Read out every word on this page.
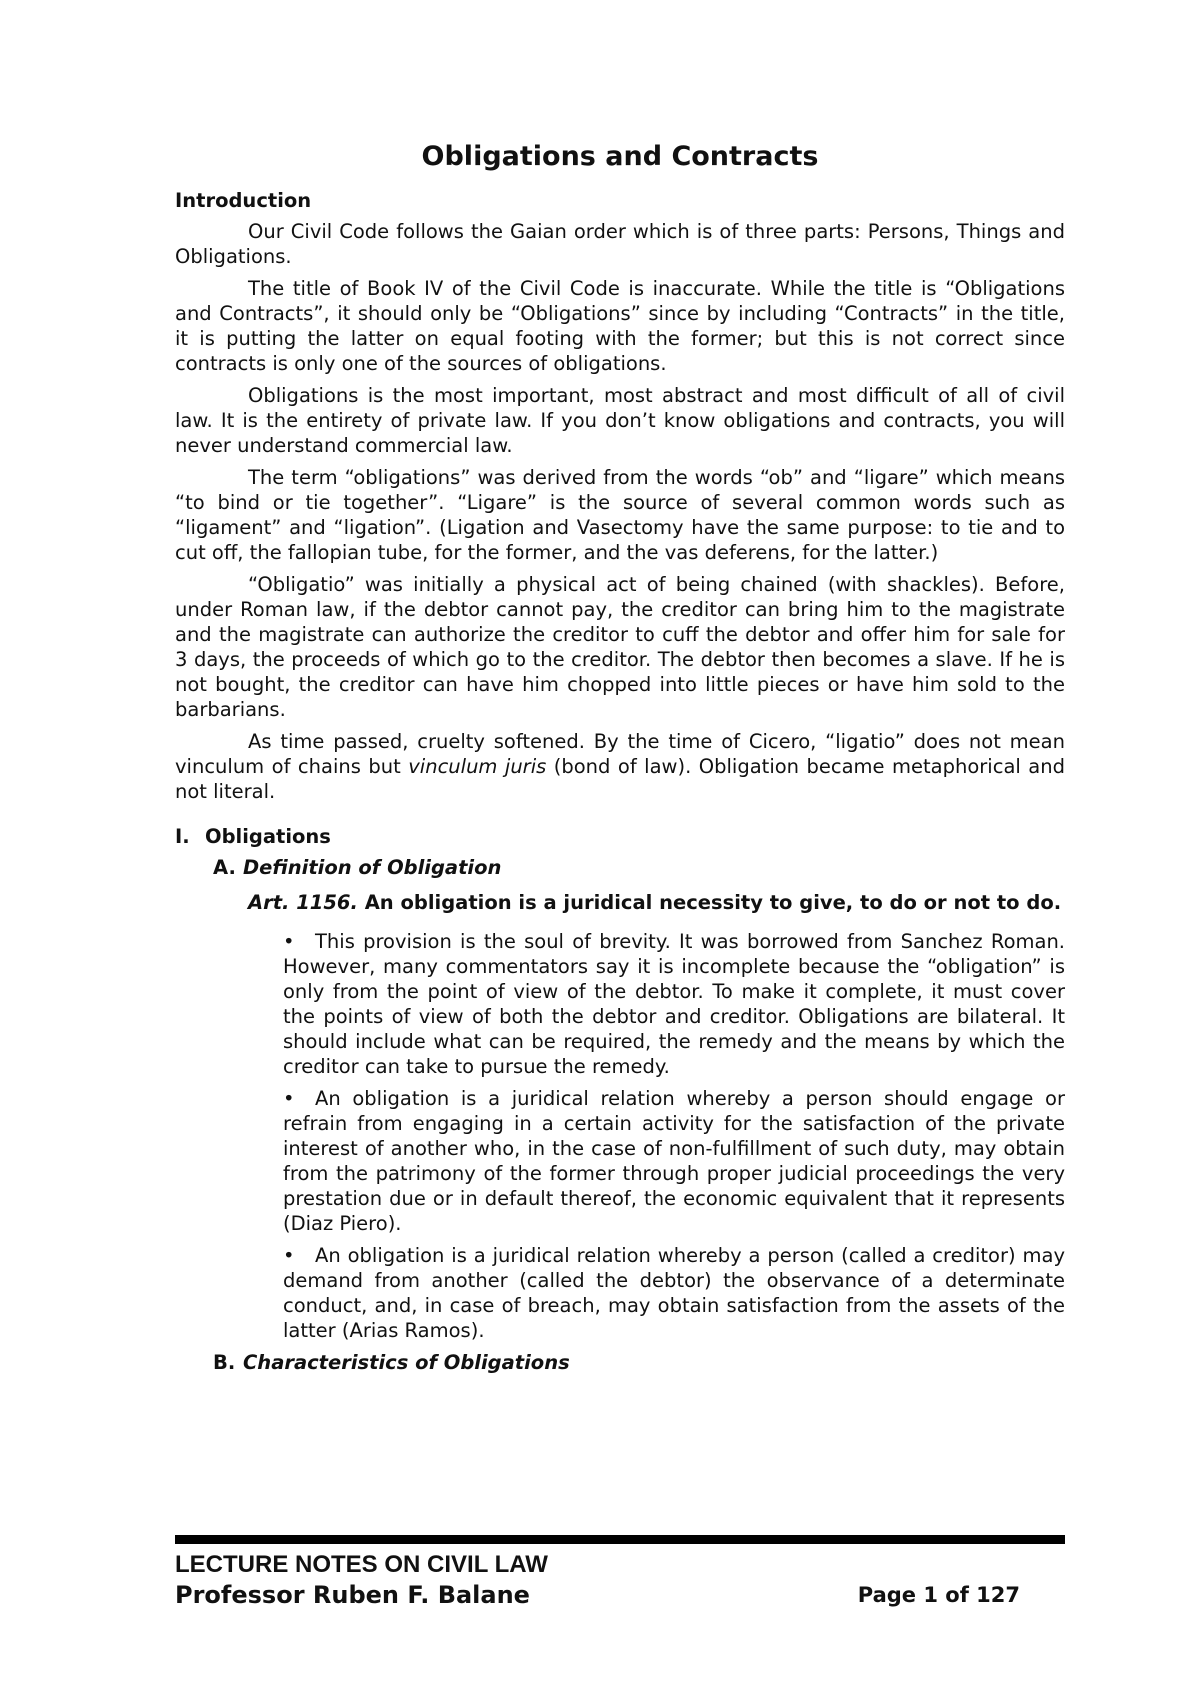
Obligations and Contracts
Introduction

Our Civil Code follows the Gaian order which is of three parts: Persons, Things and Obligations.

The title of Book IV of the Civil Code is inaccurate. While the title is “Obligations and Contracts”, it should only be “Obligations” since by including “Contracts” in the title, it is putting the latter on equal footing with the former; but this is not correct since contracts is only one of the sources of obligations.

Obligations is the most important, most abstract and most difficult of all of civil law. It is the entirety of private law. If you don’t know obligations and contracts, you will never understand commercial law.

The term “obligations” was derived from the words “ob” and “ligare” which means “to bind or tie together”. “Ligare” is the source of several common words such as “ligament” and “ligation”. (Ligation and Vasectomy have the same purpose: to tie and to cut off, the fallopian tube, for the former, and the vas deferens, for the latter.)

“Obligatio” was initially a physical act of being chained (with shackles). Before, under Roman law, if the debtor cannot pay, the creditor can bring him to the magistrate and the magistrate can authorize the creditor to cuff the debtor and offer him for sale for 3 days, the proceeds of which go to the creditor. The debtor then becomes a slave. If he is not bought, the creditor can have him chopped into little pieces or have him sold to the barbarians.

As time passed, cruelty softened. By the time of Cicero, “ligatio” does not mean vinculum of chains but vinculum juris (bond of law). Obligation became metaphorical and not literal.

I. Obligations
A. Definition of Obligation

Art. 1156. An obligation is a juridical necessity to give, to do or not to do.

• This provision is the soul of brevity. It was borrowed from Sanchez Roman. However, many commentators say it is incomplete because the “obligation” is only from the point of view of the debtor. To make it complete, it must cover the points of view of both the debtor and creditor. Obligations are bilateral. It should include what can be required, the remedy and the means by which the creditor can take to pursue the remedy.
• An obligation is a juridical relation whereby a person should engage or refrain from engaging in a certain activity for the satisfaction of the private interest of another who, in the case of non-fulfillment of such duty, may obtain from the patrimony of the former through proper judicial proceedings the very prestation due or in default thereof, the economic equivalent that it represents (Diaz Piero).
• An obligation is a juridical relation whereby a person (called a creditor) may demand from another (called the debtor) the observance of a determinate conduct, and, in case of breach, may obtain satisfaction from the assets of the latter (Arias Ramos).
B. Characteristics of Obligations
LECTURE NOTES ON CIVIL LAW
Professor Ruben F. Balane	Page 1 of 127
